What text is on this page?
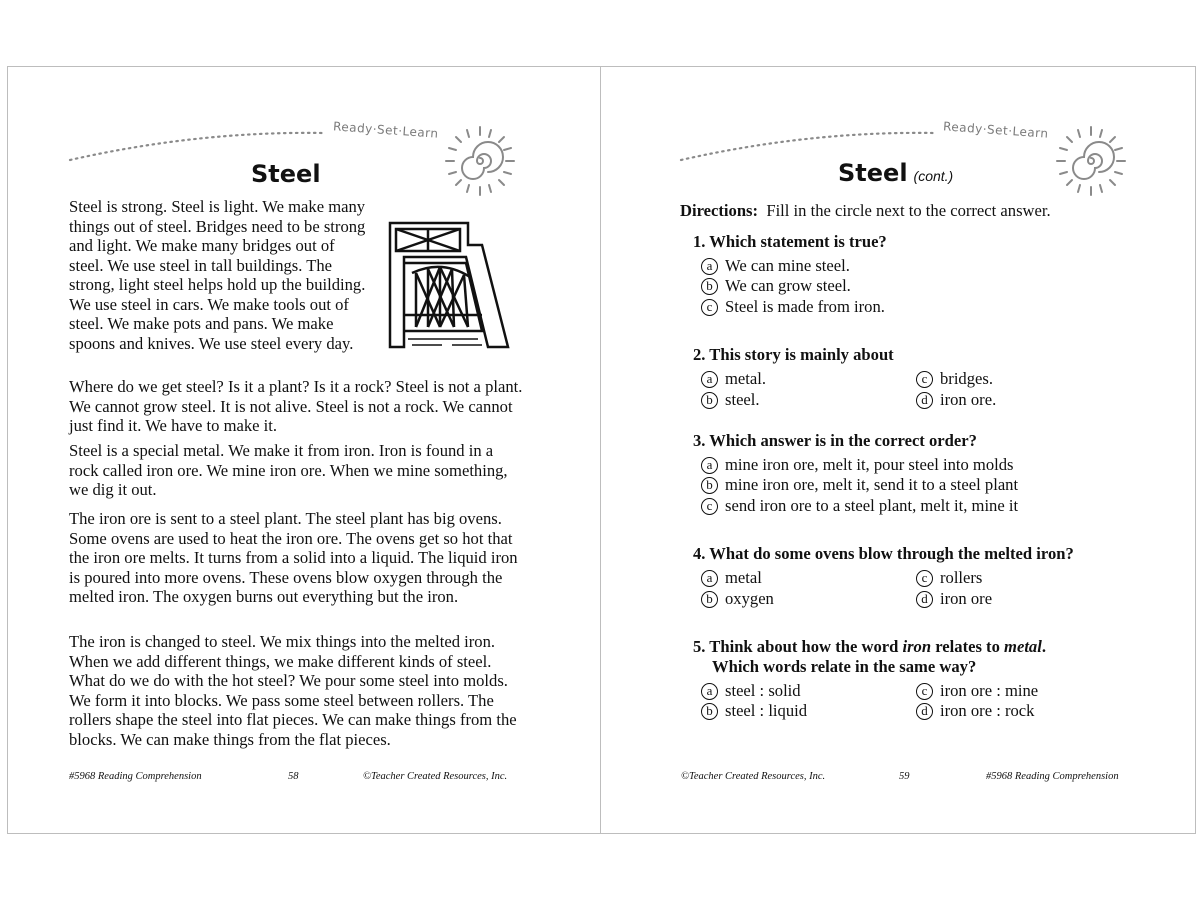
Ready·Set·Learn
Steel

Steel is strong. Steel is light. We make many things out of steel. Bridges need to be strong and light. We make many bridges out of steel. We use steel in tall buildings. The strong, light steel helps hold up the building. We use steel in cars. We make tools out of steel. We make pots and pans. We make spoons and knives. We use steel every day.

Where do we get steel? Is it a plant? Is it a rock? Steel is not a plant. We cannot grow steel. It is not alive. Steel is not a rock. We cannot just find it. We have to make it.

Steel is a special metal. We make it from iron. Iron is found in a rock called iron ore. We mine iron ore. When we mine something, we dig it out.

The iron ore is sent to a steel plant. The steel plant has big ovens. Some ovens are used to heat the iron ore. The ovens get so hot that the iron ore melts. It turns from a solid into a liquid. The liquid iron is poured into more ovens. These ovens blow oxygen through the melted iron. The oxygen burns out everything but the iron.

The iron is changed to steel. We mix things into the melted iron. When we add different things, we make different kinds of steel. What do we do with the hot steel? We pour some steel into molds. We form it into blocks. We pass some steel between rollers. The rollers shape the steel into flat pieces. We can make things from the blocks. We can make things from the flat pieces.

#5968 Reading Comprehension	58	©Teacher Created Resources, Inc.
Ready·Set·Learn
Steel (cont.)
Directions: Fill in the circle next to the correct answer.
1. Which statement is true?
a We can mine steel.
b We can grow steel.
c Steel is made from iron.
2. This story is mainly about
a metal.
b steel.
c bridges.
d iron ore.
3. Which answer is in the correct order?
a mine iron ore, melt it, pour steel into molds
b mine iron ore, melt it, send it to a steel plant
c send iron ore to a steel plant, melt it, mine it
4. What do some ovens blow through the melted iron?
a metal
b oxygen
c rollers
d iron ore
5. Think about how the word iron relates to metal.
Which words relate in the same way?
a steel : solid
b steel : liquid
c iron ore : mine
d iron ore : rock
©Teacher Created Resources, Inc.	59	#5968 Reading Comprehension
